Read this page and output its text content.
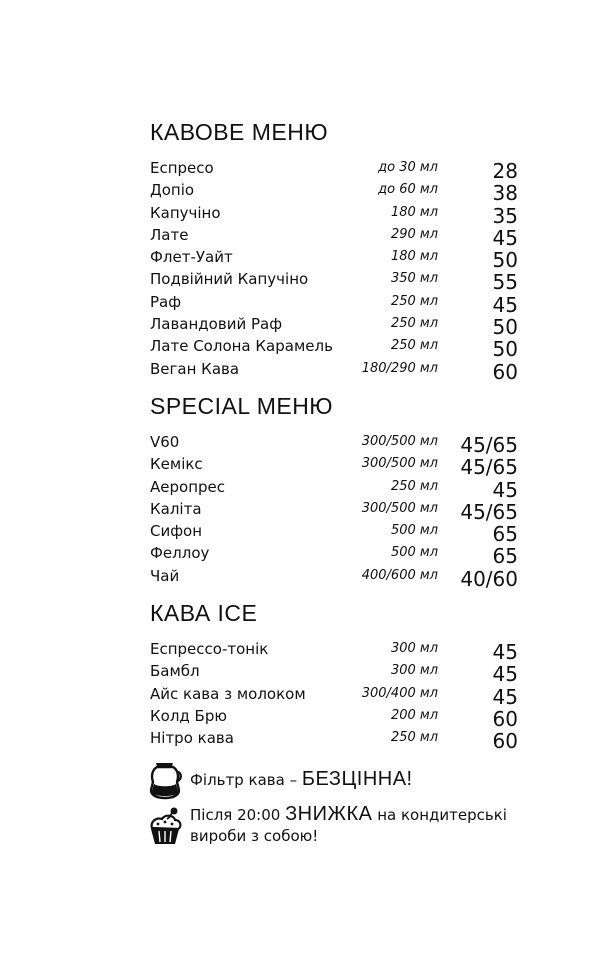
КАВОВЕ МЕНЮ
Еспресо	до 30 мл	28
Допіо	до 60 мл	38
Капучіно	180 мл	35
Лате	290 мл	45
Флет-Уайт	180 мл	50
Подвійний Капучіно	350 мл	55
Раф	250 мл	45
Лавандовий Раф	250 мл	50
Лате Солона Карамель	250 мл	50
Веган Кава	180/290 мл	60
SPECIAL МЕНЮ
V60	300/500 мл 45/65
Кемікс	300/500 мл 45/65
Аеропрес	250 мл	45
Каліта	300/500 мл 45/65
Сифон	500 мл	65
Феллоу	500 мл	65
Чай	400/600 мл 40/60
КАВА ICE
Еспрессо-тонік	300 мл	45
Бамбл	300 мл	45
Айс кава з молоком	300/400 мл	45
Колд Брю	200 мл	60
Нітро кава	250 мл	60
Фільтр кава – БЕЗЦІННА!
Після 20:00 ЗНИЖКА на кондитерські
вироби з собою!
